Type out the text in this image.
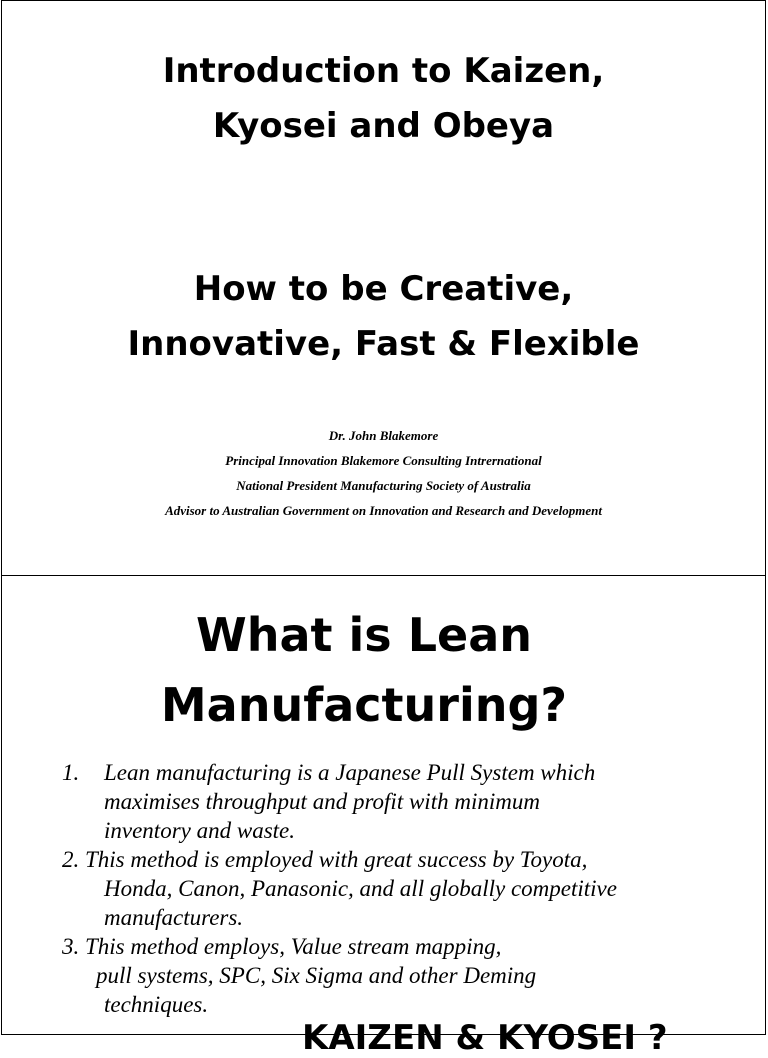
Introduction to Kaizen,
Kyosei and Obeya
How to be Creative,
Innovative, Fast & Flexible
Dr. John Blakemore
Principal Innovation Blakemore Consulting Intrernational
National President Manufacturing Society of Australia
Advisor to Australian Government on Innovation and Research and Development
What is Lean
Manufacturing?
1. Lean manufacturing is a Japanese Pull System which
maximises throughput and profit with minimum
inventory and waste.
2. This method is employed with great success by Toyota,
Honda, Canon, Panasonic, and all globally competitive
manufacturers.
3. This method employs, Value stream mapping,
pull systems, SPC, Six Sigma and other Deming
techniques.
KAIZEN & KYOSEI ?
